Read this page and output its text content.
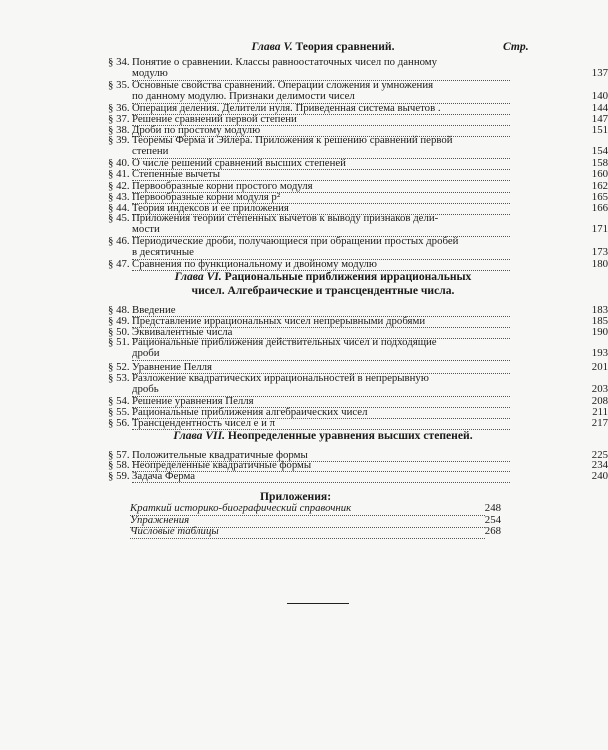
Глава V. Теория сравнений.	Стр.
Глава VI. Рациональные приближения иррациональных
чисел. Алгебраические и трансцендентные числа.
Глава VII. Неопределенные уравнения высших степеней.
§ 34. Понятие о сравнении. Классы равноостаточных чисел по данному
модулю	137
§ 35. Основные свойства сравнений. Операции сложения и умножения
по данному модулю. Признаки делимости чисел	140
§ 36. Операция деления. Делители нуля. Приведенная система вычетов .	144
§ 37. Решение сравнений первой степени	147
§ 38. Дроби по простому модулю	151
§ 39. Теоремы Ферма и Эйлера. Приложения к решению сравнений первой
степени	154
§ 40. О числе решений сравнений высших степеней	158
§ 41. Степенные вычеты	160
§ 42. Первообразные корни простого модуля	162
§ 43. Первообразные корни модуля p²	165
§ 44. Теория индексов и ее приложения	166
§ 45. Приложения теории степенных вычетов к выводу признаков дели-
мости	171
§ 46. Периодические дроби, получающиеся при обращении простых дробей
в десятичные	173
§ 47. Сравнения по функциональному и двойному модулю	180
§ 48. Введение	183
§ 49. Представление иррациональных чисел непрерывными дробями	185
§ 50. Эквивалентные числа	190
§ 51. Рациональные приближения действительных чисел и подходящие
дроби	193
§ 52. Уравнение Пелля	201
§ 53. Разложение квадратических иррациональностей в непрерывную
дробь	203
§ 54. Решение уравнения Пелля	208
§ 55. Рациональные приближения алгебраических чисел	211
§ 56. Трансцендентность чисел e и π	217
§ 57. Положительные квадратичные формы	225
§ 58. Неопределенные квадратичные формы	234
§ 59. Задача Ферма	240
Приложения:
Краткий историко-биографический справочник	248
Упражнения	254
Числовые таблицы	268
